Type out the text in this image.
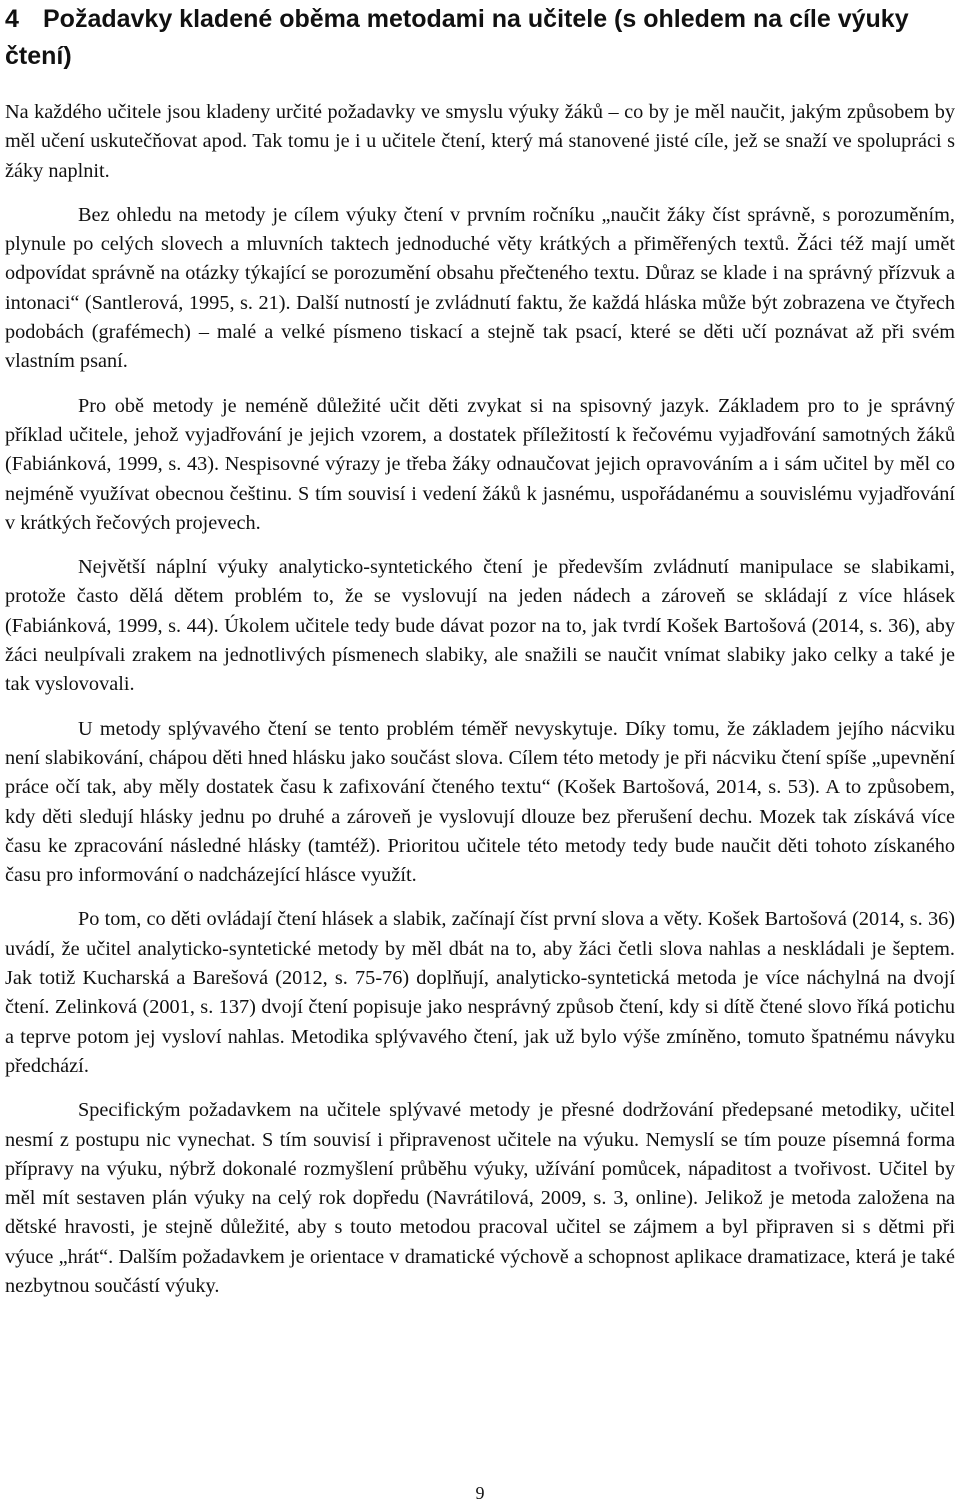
4 Požadavky kladené oběma metodami na učitele (s ohledem na cíle výuky čtení)

Na každého učitele jsou kladeny určité požadavky ve smyslu výuky žáků – co by je měl naučit, jakým způsobem by měl učení uskutečňovat apod. Tak tomu je i u učitele čtení, který má stanovené jisté cíle, jež se snaží ve spolupráci s žáky naplnit.

Bez ohledu na metody je cílem výuky čtení v prvním ročníku „naučit žáky číst správně, s porozuměním, plynule po celých slovech a mluvních taktech jednoduché věty krátkých a přiměřených textů. Žáci též mají umět odpovídat správně na otázky týkající se porozumění obsahu přečteného textu. Důraz se klade i na správný přízvuk a intonaci“ (Santlerová, 1995, s. 21). Další nutností je zvládnutí faktu, že každá hláska může být zobrazena ve čtyřech podobách (grafémech) – malé a velké písmeno tiskací a stejně tak psací, které se děti učí poznávat až při svém vlastním psaní.

Pro obě metody je neméně důležité učit děti zvykat si na spisovný jazyk. Základem pro to je správný příklad učitele, jehož vyjadřování je jejich vzorem, a dostatek příležitostí k řečovému vyjadřování samotných žáků (Fabiánková, 1999, s. 43). Nespisovné výrazy je třeba žáky odnaučovat jejich opravováním a i sám učitel by měl co nejméně využívat obecnou češtinu. S tím souvisí i vedení žáků k jasnému, uspořádanému a souvislému vyjadřování v krátkých řečových projevech.

Největší náplní výuky analyticko-syntetického čtení je především zvládnutí manipulace se slabikami, protože často dělá dětem problém to, že se vyslovují na jeden nádech a zároveň se skládají z více hlásek (Fabiánková, 1999, s. 44). Úkolem učitele tedy bude dávat pozor na to, jak tvrdí Košek Bartošová (2014, s. 36), aby žáci neulpívali zrakem na jednotlivých písmenech slabiky, ale snažili se naučit vnímat slabiky jako celky a také je tak vyslovovali.

U metody splývavého čtení se tento problém téměř nevyskytuje. Díky tomu, že základem jejího nácviku není slabikování, chápou děti hned hlásku jako součást slova. Cílem této metody je při nácviku čtení spíše „upevnění práce očí tak, aby měly dostatek času k zafixování čteného textu“ (Košek Bartošová, 2014, s. 53). A to způsobem, kdy děti sledují hlásky jednu po druhé a zároveň je vyslovují dlouze bez přerušení dechu. Mozek tak získává více času ke zpracování následné hlásky (tamtéž). Prioritou učitele této metody tedy bude naučit děti tohoto získaného času pro informování o nadcházející hlásce využít.

Po tom, co děti ovládají čtení hlásek a slabik, začínají číst první slova a věty. Košek Bartošová (2014, s. 36) uvádí, že učitel analyticko-syntetické metody by měl dbát na to, aby žáci četli slova nahlas a neskládali je šeptem. Jak totiž Kucharská a Barešová (2012, s. 75-76) doplňují, analyticko-syntetická metoda je více náchylná na dvojí čtení. Zelinková (2001, s. 137) dvojí čtení popisuje jako nesprávný způsob čtení, kdy si dítě čtené slovo říká potichu a teprve potom jej vysloví nahlas. Metodika splývavého čtení, jak už bylo výše zmíněno, tomuto špatnému návyku předchází.

Specifickým požadavkem na učitele splývavé metody je přesné dodržování předepsané metodiky, učitel nesmí z postupu nic vynechat. S tím souvisí i připravenost učitele na výuku. Nemyslí se tím pouze písemná forma přípravy na výuku, nýbrž dokonalé rozmyšlení průběhu výuky, užívání pomůcek, nápaditost a tvořivost. Učitel by měl mít sestaven plán výuky na celý rok dopředu (Navrátilová, 2009, s. 3, online). Jelikož je metoda založena na dětské hravosti, je stejně důležité, aby s touto metodou pracoval učitel se zájmem a byl připraven si s dětmi při výuce „hrát“. Dalším požadavkem je orientace v dramatické výchově a schopnost aplikace dramatizace, která je také nezbytnou součástí výuky.

9
